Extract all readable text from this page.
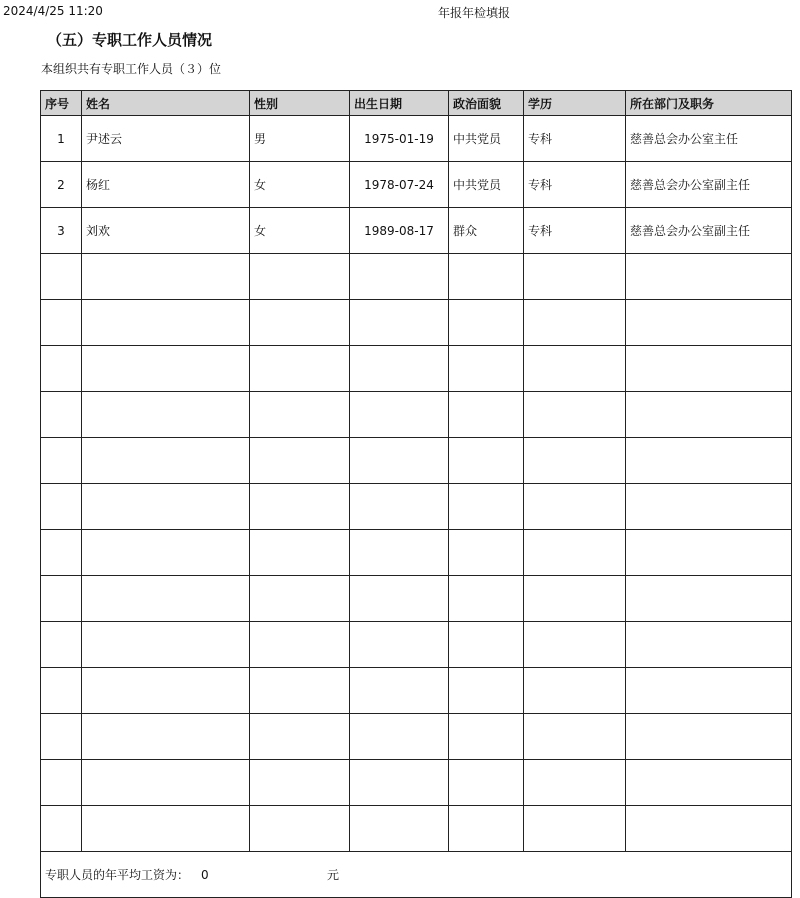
2024/4/25 11:20	年报年检填报
（五）专职工作人员情况
本组织共有专职工作人员（３）位
序号	姓名	性别	出生日期	政治面貌	学历	所在部门及职务
1	尹述云	男	1975-01-19	中共党员	专科	慈善总会办公室主任
2	杨红	女	1978-07-24	中共党员	专科	慈善总会办公室副主任
3	刘欢	女	1989-08-17	群众	专科	慈善总会办公室副主任

专职人员的年平均工资为： 0 元						
